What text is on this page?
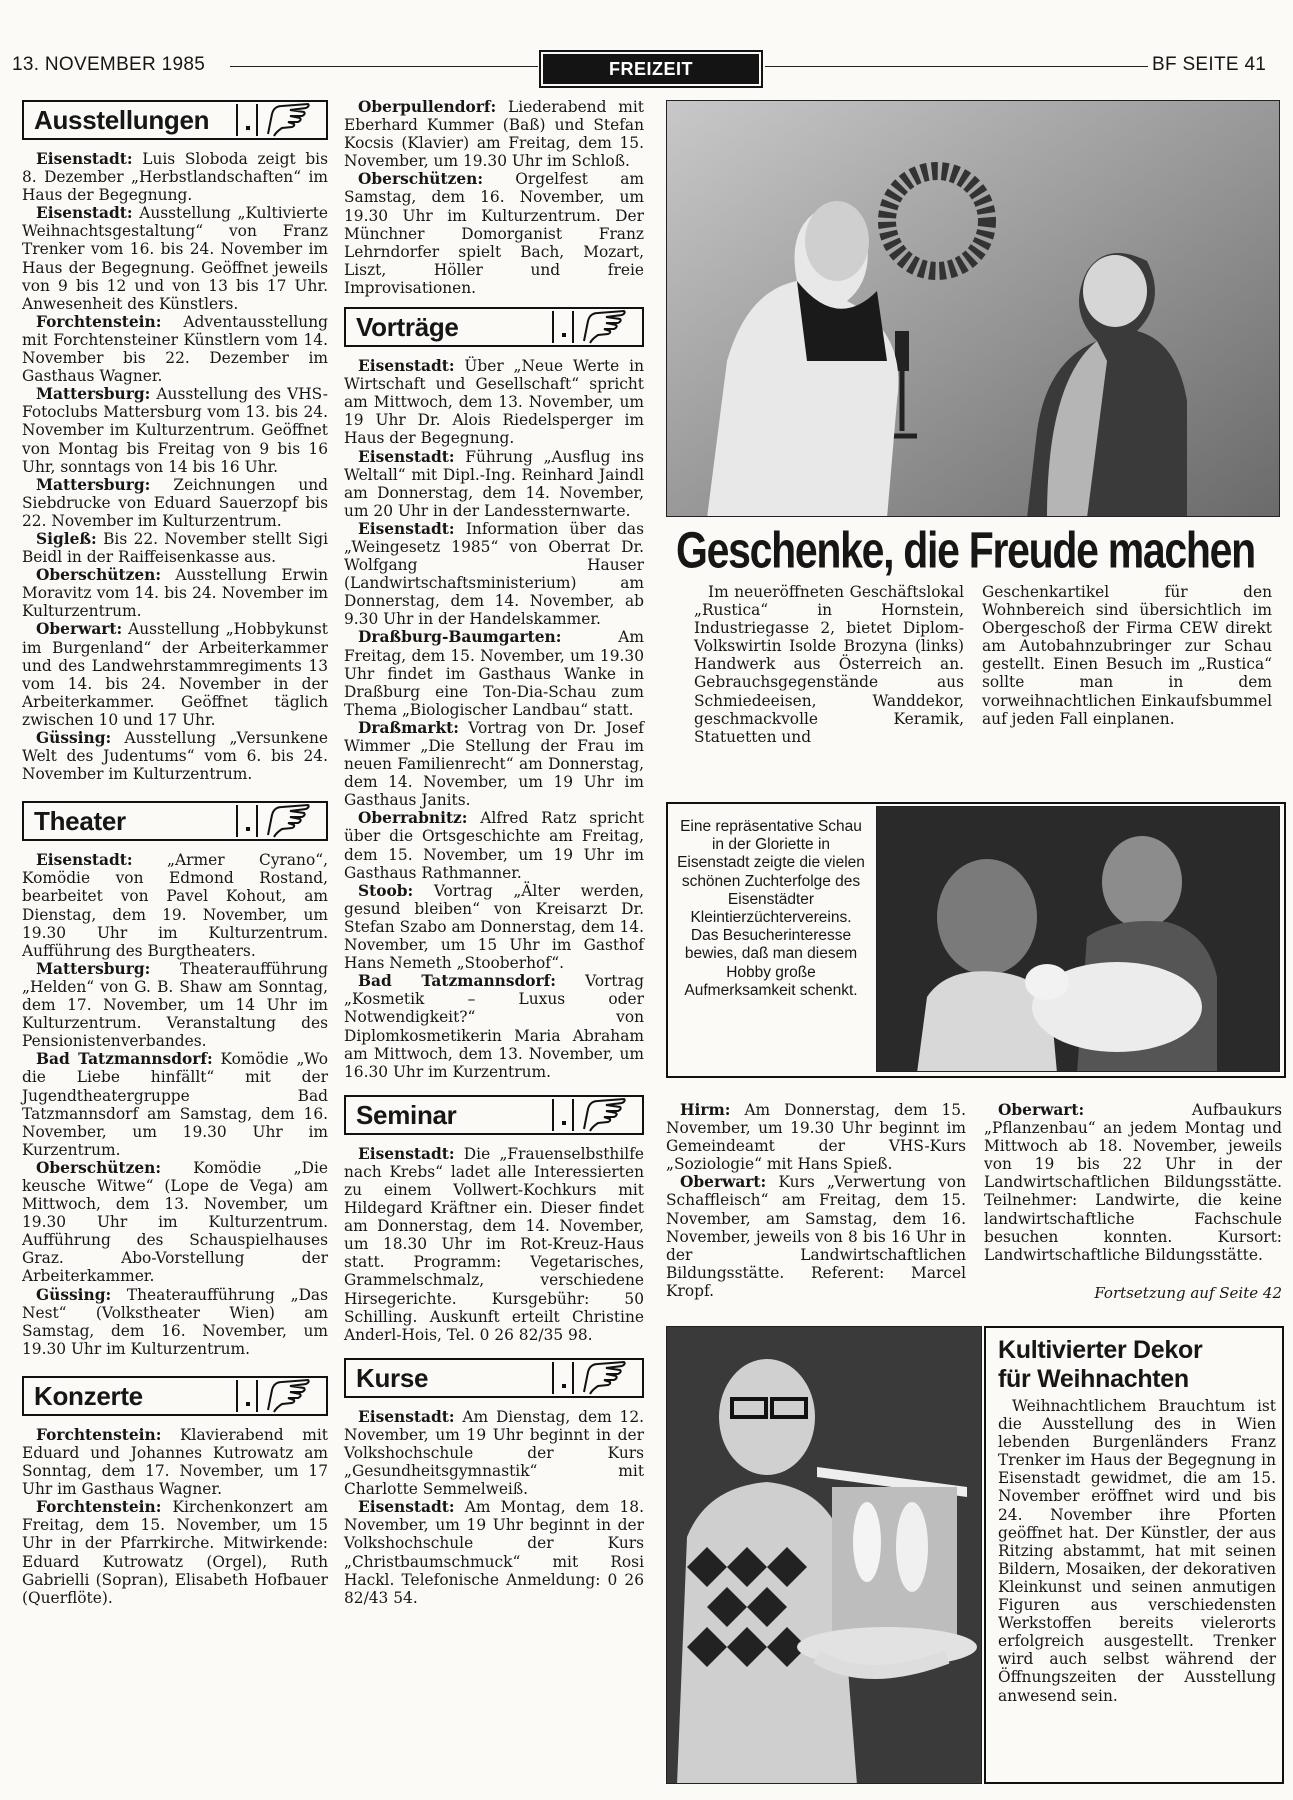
13. NOVEMBER 1985	FREIZEIT	BF SEITE 41
Ausstellungen

Eisenstadt: Luis Sloboda zeigt bis 8. Dezember „Herbstlandschaften“ im Haus der Begegnung.

Eisenstadt: Ausstellung „Kultivierte Weihnachtsgestaltung“ von Franz Trenker vom 16. bis 24. November im Haus der Begegnung. Geöffnet jeweils von 9 bis 12 und von 13 bis 17 Uhr. Anwesenheit des Künstlers.

Forchtenstein: Adventausstellung mit Forchtensteiner Künstlern vom 14. November bis 22. Dezember im Gasthaus Wagner.

Mattersburg: Ausstellung des VHS-Fotoclubs Mattersburg vom 13. bis 24. November im Kulturzentrum. Geöffnet von Montag bis Freitag von 9 bis 16 Uhr, sonntags von 14 bis 16 Uhr.

Mattersburg: Zeichnungen und Siebdrucke von Eduard Sauerzopf bis 22. November im Kulturzentrum.

Sigleß: Bis 22. November stellt Sigi Beidl in der Raiffeisenkasse aus.

Oberschützen: Ausstellung Erwin Moravitz vom 14. bis 24. November im Kulturzentrum.

Oberwart: Ausstellung „Hobbykunst im Burgenland“ der Arbeiterkammer und des Landwehrstammregiments 13 vom 14. bis 24. November in der Arbeiterkammer. Geöffnet täglich zwischen 10 und 17 Uhr.

Güssing: Ausstellung „Versunkene Welt des Judentums“ vom 6. bis 24. November im Kulturzentrum.

Theater

Eisenstadt: „Armer Cyrano“, Komödie von Edmond Rostand, bearbeitet von Pavel Kohout, am Dienstag, dem 19. November, um 19.30 Uhr im Kulturzentrum. Aufführung des Burgtheaters.

Mattersburg: Theateraufführung „Helden“ von G. B. Shaw am Sonntag, dem 17. November, um 14 Uhr im Kulturzentrum. Veranstaltung des Pensionistenverbandes.

Bad Tatzmannsdorf: Komödie „Wo die Liebe hinfällt“ mit der Jugendtheatergruppe Bad Tatzmannsdorf am Samstag, dem 16. November, um 19.30 Uhr im Kurzentrum.

Oberschützen: Komödie „Die keusche Witwe“ (Lope de Vega) am Mittwoch, dem 13. November, um 19.30 Uhr im Kulturzentrum. Aufführung des Schauspielhauses Graz. Abo-Vorstellung der Arbeiterkammer.

Güssing: Theateraufführung „Das Nest“ (Volkstheater Wien) am Samstag, dem 16. November, um 19.30 Uhr im Kulturzentrum.

Konzerte

Forchtenstein: Klavierabend mit Eduard und Johannes Kutrowatz am Sonntag, dem 17. November, um 17 Uhr im Gasthaus Wagner.

Forchtenstein: Kirchenkonzert am Freitag, dem 15. November, um 15 Uhr in der Pfarrkirche. Mitwirkende: Eduard Kutrowatz (Orgel), Ruth Gabrielli (Sopran), Elisabeth Hofbauer (Querflöte).

Oberpullendorf: Liederabend mit Eberhard Kummer (Baß) und Stefan Kocsis (Klavier) am Freitag, dem 15. November, um 19.30 Uhr im Schloß.

Oberschützen: Orgelfest am Samstag, dem 16. November, um 19.30 Uhr im Kulturzentrum. Der Münchner Domorganist Franz Lehrndorfer spielt Bach, Mozart, Liszt, Höller und freie Improvisationen.

Vorträge

Eisenstadt: Über „Neue Werte in Wirtschaft und Gesellschaft“ spricht am Mittwoch, dem 13. November, um 19 Uhr Dr. Alois Riedelsperger im Haus der Begegnung.

Eisenstadt: Führung „Ausflug ins Weltall“ mit Dipl.-Ing. Reinhard Jaindl am Donnerstag, dem 14. November, um 20 Uhr in der Landessternwarte.

Eisenstadt: Information über das „Weingesetz 1985“ von Oberrat Dr. Wolfgang Hauser (Landwirtschaftsministerium) am Donnerstag, dem 14. November, ab 9.30 Uhr in der Handelskammer.

Draßburg-Baumgarten: Am Freitag, dem 15. November, um 19.30 Uhr findet im Gasthaus Wanke in Draßburg eine Ton-Dia-Schau zum Thema „Biologischer Landbau“ statt.

Draßmarkt: Vortrag von Dr. Josef Wimmer „Die Stellung der Frau im neuen Familienrecht“ am Donnerstag, dem 14. November, um 19 Uhr im Gasthaus Janits.

Oberrabnitz: Alfred Ratz spricht über die Ortsgeschichte am Freitag, dem 15. November, um 19 Uhr im Gasthaus Rathmanner.

Stoob: Vortrag „Älter werden, gesund bleiben“ von Kreisarzt Dr. Stefan Szabo am Donnerstag, dem 14. November, um 15 Uhr im Gasthof Hans Nemeth „Stooberhof“.

Bad Tatzmannsdorf: Vortrag „Kosmetik – Luxus oder Notwendigkeit?“ von Diplomkosmetikerin Maria Abraham am Mittwoch, dem 13. November, um 16.30 Uhr im Kurzentrum.

Seminar

Eisenstadt: Die „Frauenselbsthilfe nach Krebs“ ladet alle Interessierten zu einem Vollwert-Kochkurs mit Hildegard Kräftner ein. Dieser findet am Donnerstag, dem 14. November, um 18.30 Uhr im Rot-Kreuz-Haus statt. Programm: Vegetarisches, Grammelschmalz, verschiedene Hirsegerichte. Kursgebühr: 50 Schilling. Auskunft erteilt Christine Anderl-Hois, Tel. 0 26 82/35 98.

Kurse

Eisenstadt: Am Dienstag, dem 12. November, um 19 Uhr beginnt in der Volkshochschule der Kurs „Gesundheitsgymnastik“ mit Charlotte Semmelweiß.

Eisenstadt: Am Montag, dem 18. November, um 19 Uhr beginnt in der Volkshochschule der Kurs „Christbaumschmuck“ mit Rosi Hackl. Telefonische Anmeldung: 0 26 82/43 54.

Geschenke, die Freude machen

Im neueröffneten Geschäftslokal „Rustica“ in Hornstein, Industriegasse 2, bietet Diplom-Volkswirtin Isolde Brozyna (links) Handwerk aus Österreich an. Gebrauchsgegenstände aus Schmiedeeisen, Wanddekor, geschmackvolle Keramik, Statuetten und

Geschenkartikel für den Wohnbereich sind übersichtlich im Obergeschoß der Firma CEW direkt am Autobahnzubringer zur Schau gestellt. Einen Besuch im „Rustica“ sollte man in dem vorweihnachtlichen Einkaufsbummel auf jeden Fall einplanen.

Eine repräsentative Schau in der Gloriette in Eisenstadt zeigte die vielen schönen Zuchterfolge des Eisenstädter Kleintierzüchtervereins. Das Besucherinteresse bewies, daß man diesem Hobby große Aufmerksamkeit schenkt.

Hirm: Am Donnerstag, dem 15. November, um 19.30 Uhr beginnt im Gemeindeamt der VHS-Kurs „Soziologie“ mit Hans Spieß.

Oberwart: Kurs „Verwertung von Schaffleisch“ am Freitag, dem 15. November, am Samstag, dem 16. November, jeweils von 8 bis 16 Uhr in der Landwirtschaftlichen Bildungsstätte. Referent: Marcel Kropf.

Oberwart: Aufbaukurs „Pflanzenbau“ an jedem Montag und Mittwoch ab 18. November, jeweils von 19 bis 22 Uhr in der Landwirtschaftlichen Bildungsstätte. Teilnehmer: Landwirte, die keine landwirtschaftliche Fachschule besuchen konnten. Kursort: Landwirtschaftliche Bildungsstätte.

Fortsetzung auf Seite 42
Kultivierter Dekor
für Weihnachten

Weihnachtlichem Brauchtum ist die Ausstellung des in Wien lebenden Burgenländers Franz Trenker im Haus der Begegnung in Eisenstadt gewidmet, die am 15. November eröffnet wird und bis 24. November ihre Pforten geöffnet hat. Der Künstler, der aus Ritzing abstammt, hat mit seinen Bildern, Mosaiken, der dekorativen Kleinkunst und seinen anmutigen Figuren aus verschiedensten Werkstoffen bereits vielerorts erfolgreich ausgestellt. Trenker wird auch selbst während der Öffnungszeiten der Ausstellung anwesend sein.
